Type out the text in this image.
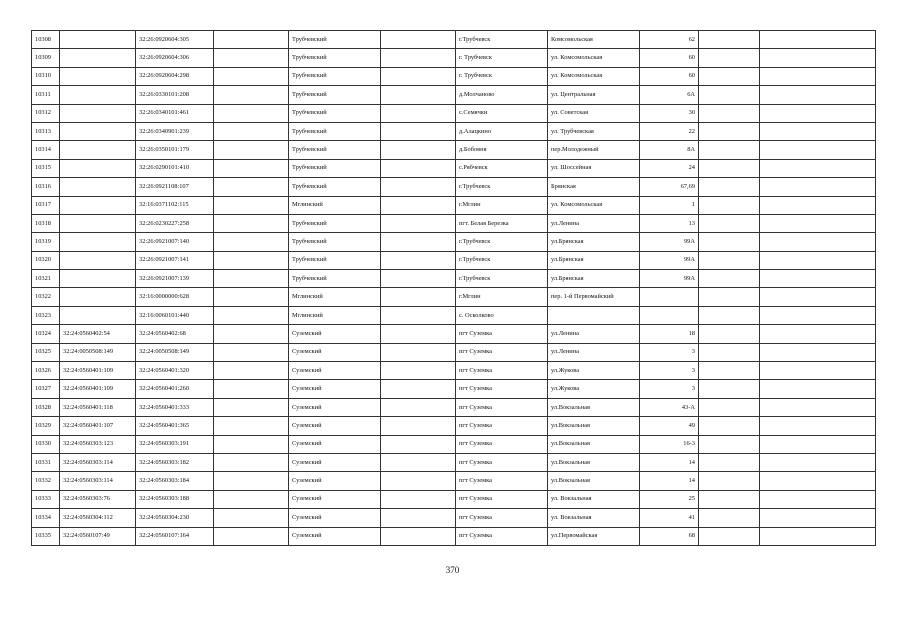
10308		32:26:0920604:305		Трубчевский		г.Трубчевск	Комсомольская	62		
10309		32:26:0920604:306		Трубчевский		г. Трубчевск	ул. Комсомольская	60		
10310		32:26:0920604:298		Трубчевский		г. Трубчевск	ул. Комсомольская	60		
10311		32:26:0330101:208		Трубчевский		д.Молчаново	ул. Центральная	6А		
10312		32:26:0340101:461		Трубчевский		с.Семячки	ул. Советская	30		
10313		32:26:0340901:239		Трубчевский		д.Алацкино	ул. Трубчевская	22		
10314		32:26:0350101:179		Трубчевский		д.Бобовня	пер.Молодежный	8А		
10315		32:26:0290101:410		Трубчевский		с.Рябчевск	ул. Шоссейная	24		
10316		32:26:0921108:107		Трубчевский		г.Трубчевск	Брянская	67,69		
10317		32:16:0371102:115		Мглинский		г.Мглин	ул. Комсомольская	1		
10318		32:26:0230227:258		Трубчевский		пгт. Белая Березка	ул.Ленина	13		
10319		32:26:0921007:140		Трубчевский		г.Трубчевск	ул.Брянская	99А		
10320		32:26:0921007:141		Трубчевский		г.Трубчевск	ул.Брянская	99А		
10321		32:26:0921007:139		Трубчевский		г.Трубчевск	ул.Брянская	99А		
10322		32:16:0000000:628		Мглинский		г.Мглин	пер. 1-й Первомайский			
10323		32:16:0060101:440		Мглинский		с. Осколково				
10324	32:24:0560402:54	32:24:0560402:68		Суземский		пгт Суземка	ул.Ленина	18		
10325	32:24:0050508:149	32:24:0050508:149		Суземский		пгт Суземка	ул.Ленина	3		
10326	32:24:0560401:109	32:24:0560401:320		Суземский		пгт Суземка	ул.Жукова	3		
10327	32:24:0560401:109	32:24:0560401:260		Суземский		пгт Суземка	ул.Жукова	3		
10328	32:24:0560401:118	32:24:0560401:333		Суземский		пгт Суземка	ул.Вокзальная	43-А		
10329	32:24:0560401:107	32:24:0560401:365		Суземский		пгт Суземка	ул.Вокзальная	49		
10330	32:24:0560303:123	32:24:0560303:191		Суземский		пгт Суземка	ул.Вокзальная	16-3		
10331	32:24:0560303:114	32:24:0560303:182		Суземский		пгт Суземка	ул.Вокзальная	14		
10332	32:24:0560303:114	32:24:0560303:184		Суземский		пгт Суземка	ул.Вокзальная	14		
10333	32:24:0560303:76	32:24:0560303:188		Суземский		пгт Суземка	ул. Вокзальная	25		
10334	32:24:0560304:112	32:24:0560304:230		Суземский		пгт Суземка	ул. Вокзальная	41		
10335	32:24:0560107:49	32:24:0560107:164		Суземский		пгт Суземка	ул.Первомайская	68		
370
